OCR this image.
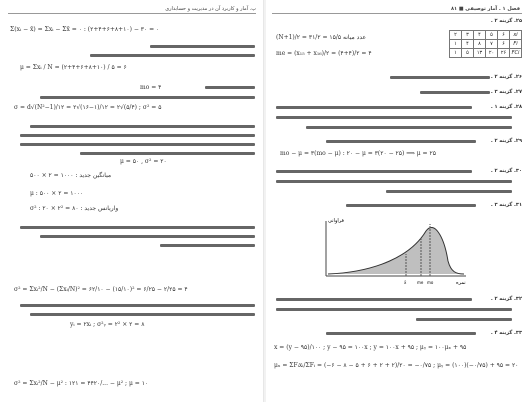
پ. آمار و کاربرد آن در مدیریت و حسابداری
Σ(xᵢ − x̄) = Σxᵢ − Σx̄ = ۰ : (۲+۴+۶+۸+۱۰) − ۳۰ = ۰
μ = Σxᵢ / N = (۲+۴+۶+۸+۱۰) / ۵ = ۶
mo = ۴
σ = d√(N²−1)/۱۲ = ۲√(۱۶−۱)/۱۲ = ۲√(۵/۴) ; σ² = ۵
μ = ۵۰ , σ² = ۲۰
۵۰۰ × ۲ = ۱۰۰۰ : میانگین جدید
μ : ۵۰۰ × ۲ = ۱۰۰۰
σ² : ۲۰ × ۲² = ۸۰ : واریانس جدید
σ² = Σxᵢ²/N − (Σxᵢ/N)² = ۶۲/۱۰ − (۱۵/۱۰)² = ۶/۲۵ − ۲/۲۵ = ۴
yᵢ = ۲xᵢ ; σ²ᵧ = ۲² × ۲ = ۸
σ² = Σxᵢ²/N − μ² : ۱۲۱ = ۴۴۲۰/... − μ² ; μ = ۱۰
فصل ۱ . آمار توصیفی ■ ۸۱
۲۵. گزینه ۲ .
۲	۳	۴	۵	۶	xi
۱	۴	۸	۷	۶	Fi
۱	۵	۱۳	۲۰	۲۶	FCi
(N+1)/۲ = ۳۱/۲ = ۱۵/۵ عدد میانه
me = (x₁₅ + x₁₆)/۲ = (۴+۴)/۲ = ۴
۲۶. گزینه ۲ .
۲۷. گزینه ۳ .
۲۸. گزینه ۱ .
۲۹. گزینه ۲ .
mo − μ = ۳(mo − μ) : ۲۰ − μ = ۳(۲۰ − ۲۵) ⟹ μ = ۲۵
۳۰. گزینه ۲ .
۳۱. گزینه ۳ .
نمره
فراوانی
mo
me
x̄
۳۲. گزینه ۲ .
۳۳. گزینه ۴ .
x = (y − ۹۵)/۱۰۰ ; y − ۹۵ = ۱۰۰x ; y = ۱۰۰x + ۹۵ ; μᵧ = ۱۰۰μₓ + ۹۵
μₓ = ΣFᵢxᵢ/ΣFᵢ = (−۶ − ۸ − ۵ + ۶ + ۲ + ۲)/۲۰ = −۰/۷۵ ; μᵧ = (۱۰۰)(−۰/۷۵) + ۹۵ = ۲۰
